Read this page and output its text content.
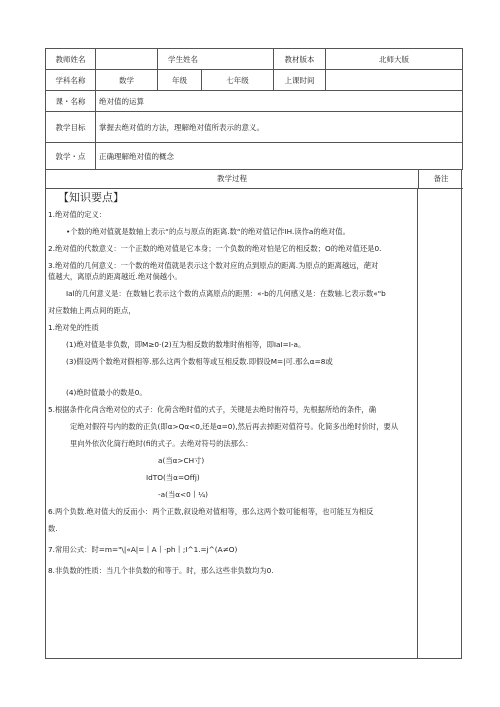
教师姓名		学生姓名		教材版本	北师大版
学科名称	数学	年级	七年级	上课时间	
课・名称	绝对值的运算				
教学目标	掌握去绝对值的方法，理解绝对值所表示的意义。				
敦学・点	正确理解绝对值的概念				
教学过程	备注

【知识要点】

1.绝对值的定义：

•个数的绝对值就是数轴上表示“的点与原点的距离.数“的绝对值记作IH.读作a的绝对值。

2.绝对值的代数意义：一个正数的绝对值是它本身；一个负数的绝对怕是它的相反数；O的绝对值还是0.

3.绝对值的几何意义：一个数的绝对值就是表示这个数对应的点到原点的距离.为原点的距离越远，葩对

值越大，离原点的距离越近.绝对倘越小。

Ial的几何意义是：在数轴匕表示这个数的点离原点的距黑：«-b的几何感义是：在数轴.匕表示数«"b

对应数轴上两点间的距点，

1.绝对免的性质

(1)绝对值是非负数，即M≥0·(2)互为相反数的数堆时侑相等，即IaI=I-a。

(3)假设两个数绝对假相等.那么这两个数相等或互相反数.即假设M=|可.那么α=8或

(4)绝时值最小的数是0。

5.根据条件化尚含绝对位的式子：化荷含绝时值的式子，关键是去绝时侑符号，先根据所给的条件，确

定绝对假符号内的数的正负(即α>Qα<0,还是α=0),然后再去掉距对值符号。化简多出绝时价时，要从

里向外依次化筒行绝时(fi的式子。去绝对符号的法那么：

a(当α>CH寸)

IdTO(当α=Offj)

-a(当α<0丨¼)

6.两个负数.绝对值大的反而小：两个正数,叙设绝对值相等，那么这两个数可能相等，也可能互为相反

数.

7.常用公式：时=m="\|«A|=丨A丨·ph丨;I^1.=j^(A≠O)

8.非负数的性质：当几个非负数的和等于。时，那么这些非负数均为0.
